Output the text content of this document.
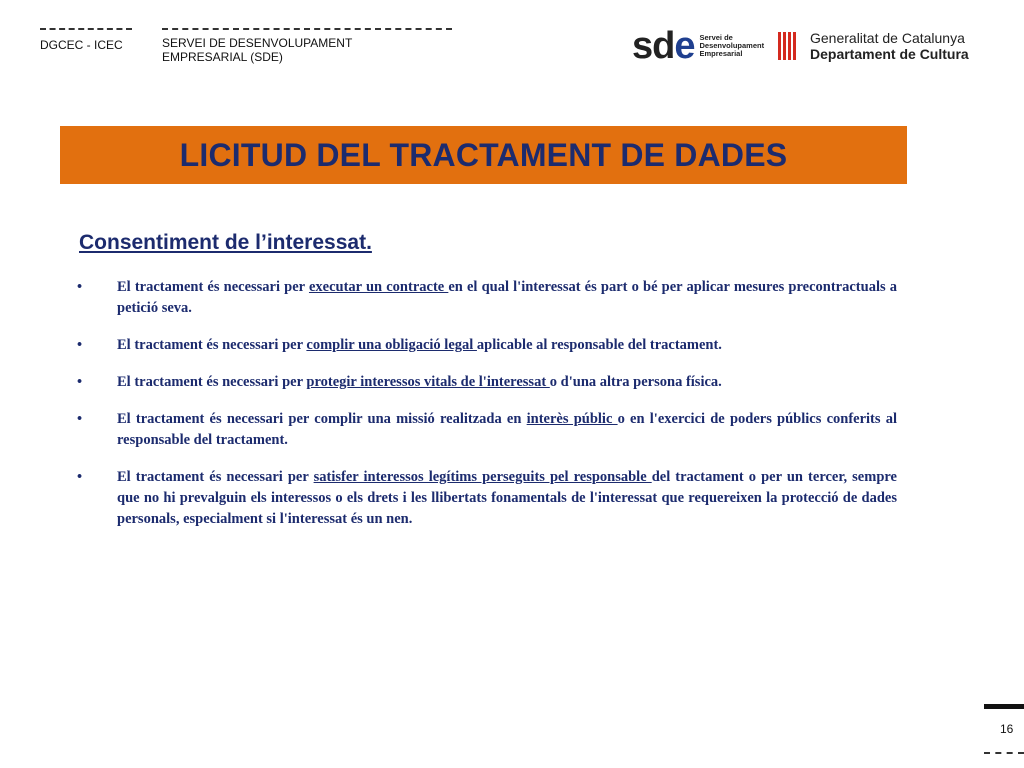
DGCEC - ICEC	SERVEI DE DESENVOLUPAMENT
EMPRESARIAL (SDE)	sde Servei de
Desenvolupament
Empresarial
Generalitat de Catalunya
Departament de Cultura
LICITUD DEL TRACTAMENT DE DADES
Consentiment de l’interessat.
• El tractament és necessari per executar un contracte en el qual l'interessat és part o bé per aplicar mesures precontractuals a petició seva.
• El tractament és necessari per complir una obligació legal aplicable al responsable del tractament.
• El tractament és necessari per protegir interessos vitals de l'interessat o d'una altra persona física.
• El tractament és necessari per complir una missió realitzada en interès públic o en l'exercici de poders públics conferits al responsable del tractament.
• El tractament és necessari per satisfer interessos legítims perseguits pel responsable del tractament o per un tercer, sempre que no hi prevalguin els interessos o els drets i les llibertats fonamentals de l'interessat que requereixen la protecció de dades personals, especialment si l'interessat és un nen.
16
